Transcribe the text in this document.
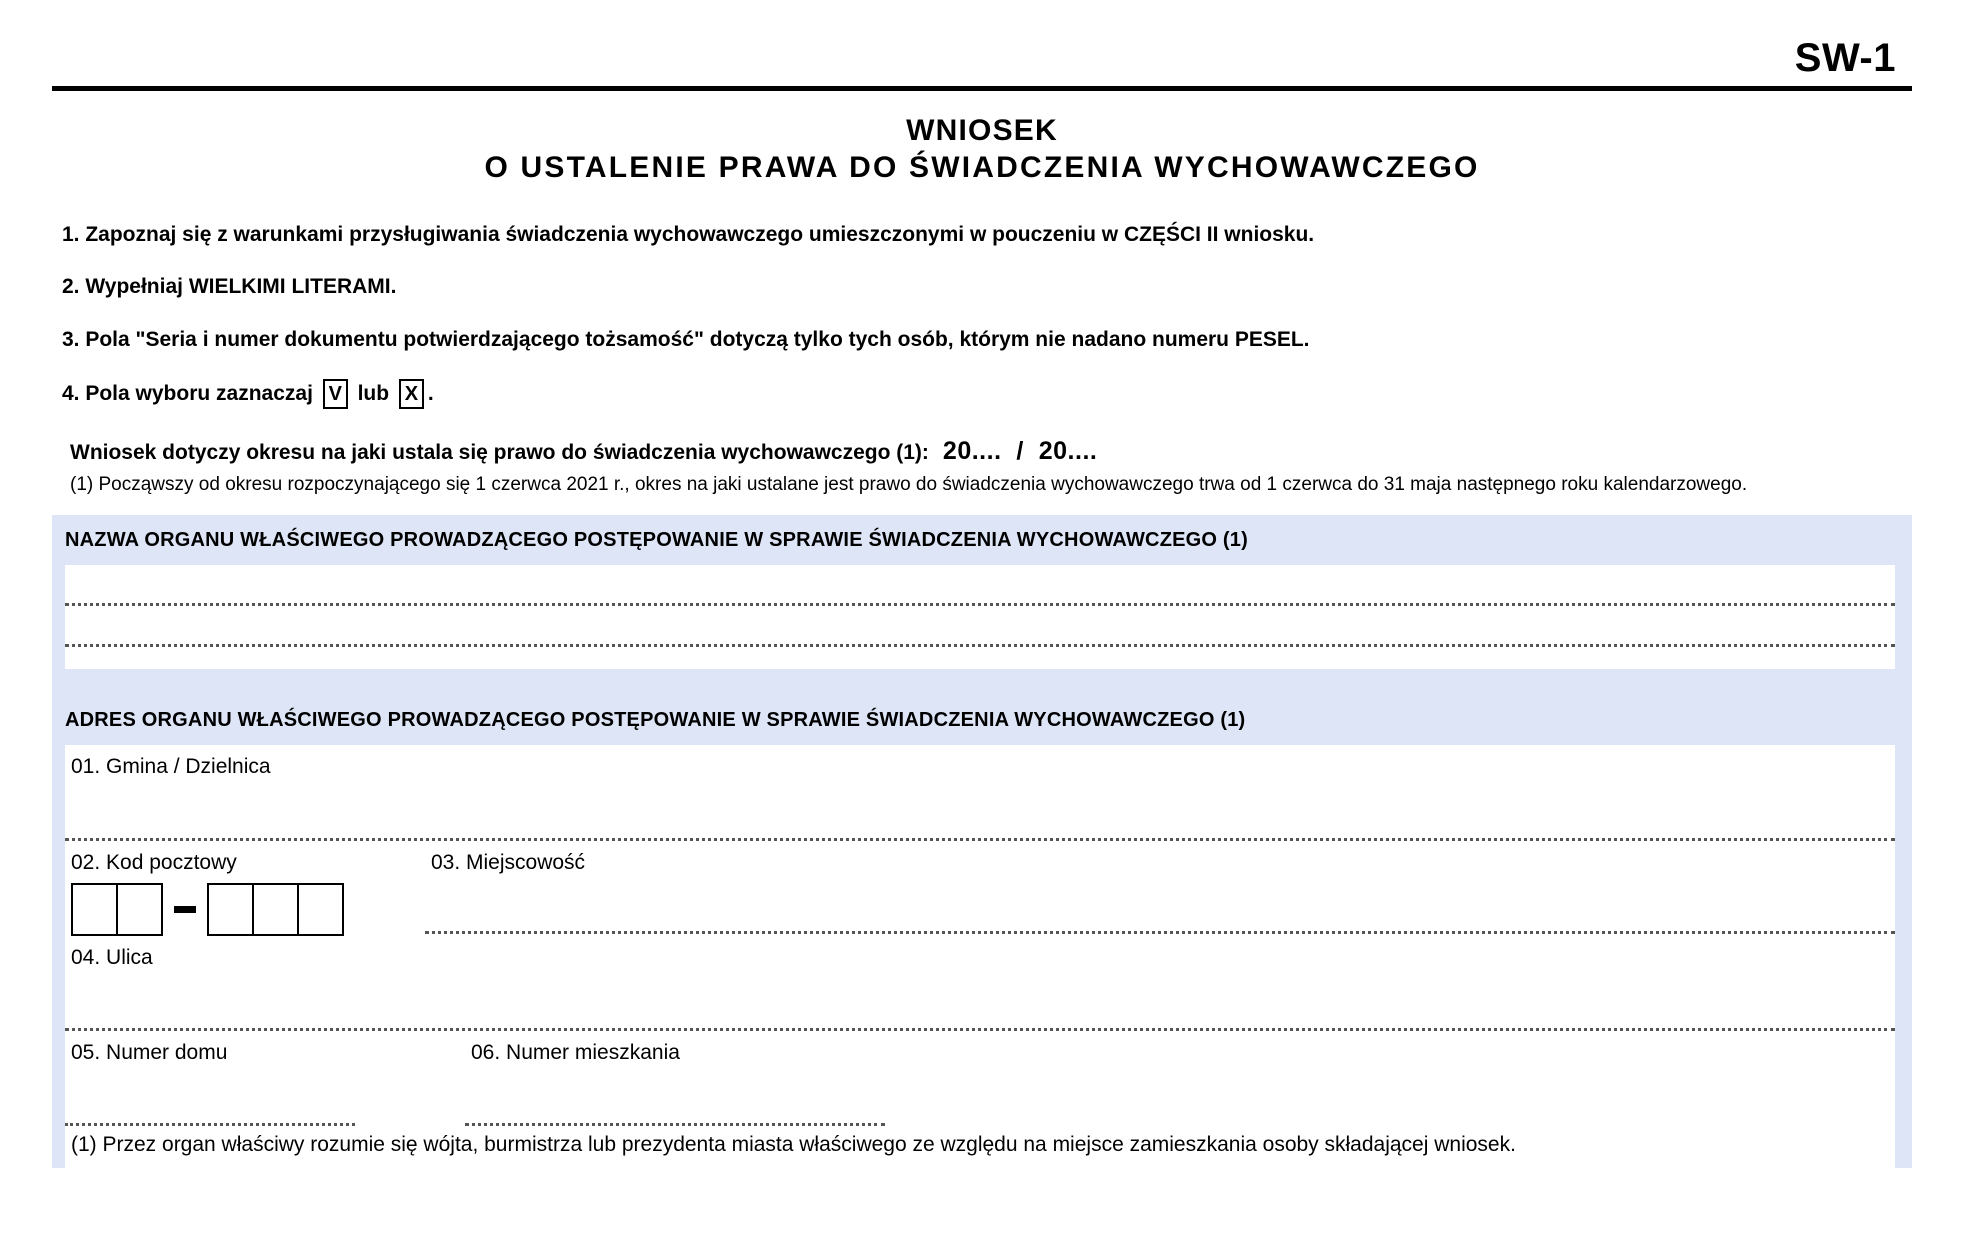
SW-1
WNIOSEK
O USTALENIE PRAWA DO ŚWIADCZENIA WYCHOWAWCZEGO
1. Zapoznaj się z warunkami przysługiwania świadczenia wychowawczego umieszczonymi w pouczeniu w CZĘŚCI II wniosku.
2. Wypełniaj WIELKIMI LITERAMI.
3. Pola "Seria i numer dokumentu potwierdzającego tożsamość" dotyczą tylko tych osób, którym nie nadano numeru PESEL.
4. Pola wyboru zaznaczaj V lub X .
Wniosek dotyczy okresu na jaki ustala się prawo do świadczenia wychowawczego (1): 20....  /  20....
(1) Począwszy od okresu rozpoczynającego się 1 czerwca 2021 r., okres na jaki ustalane jest prawo do świadczenia wychowawczego trwa od 1 czerwca do 31 maja następnego roku kalendarzowego.
NAZWA ORGANU WŁAŚCIWEGO PROWADZĄCEGO POSTĘPOWANIE W SPRAWIE ŚWIADCZENIA WYCHOWAWCZEGO (1)
ADRES ORGANU WŁAŚCIWEGO PROWADZĄCEGO POSTĘPOWANIE W SPRAWIE ŚWIADCZENIA WYCHOWAWCZEGO (1)
01. Gmina / Dzielnica
02. Kod pocztowy	03. Miejscowość
04. Ulica
05. Numer domu	06. Numer mieszkania
(1) Przez organ właściwy rozumie się wójta, burmistrza lub prezydenta miasta właściwego ze względu na miejsce zamieszkania osoby składającej wniosek.
